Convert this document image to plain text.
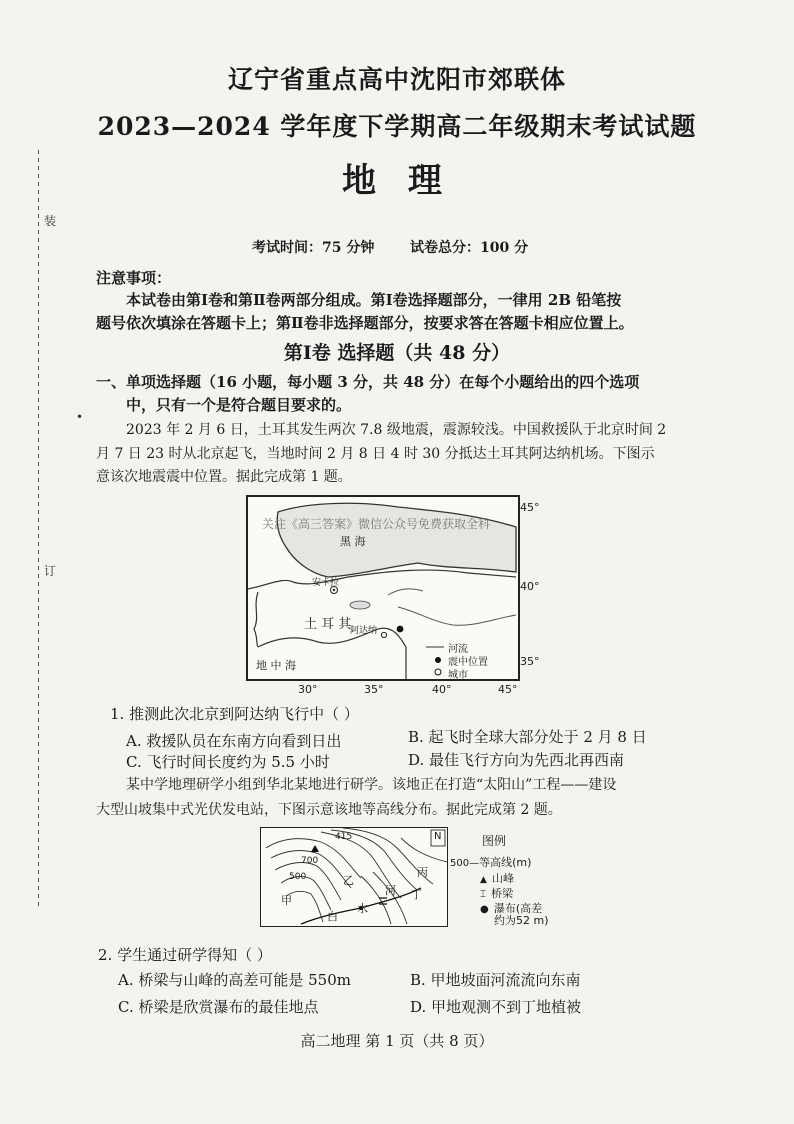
装
•
订
辽宁省重点高中沈阳市郊联体
2023—2024 学年度下学期高二年级期末考试试题
地 理
考试时间：75 分钟	试卷总分：100 分
注意事项：
本试卷由第Ⅰ卷和第Ⅱ卷两部分组成。第Ⅰ卷选择题部分，一律用 2B 铅笔按
题号依次填涂在答题卡上；第Ⅱ卷非选择题部分，按要求答在答题卡相应位置上。
第Ⅰ卷 选择题（共 48 分）
一、单项选择题（16 小题，每小题 3 分，共 48 分）在每个小题给出的四个选项
中，只有一个是符合题目要求的。
2023 年 2 月 6 日，土耳其发生两次 7.8 级地震，震源较浅。中国救援队于北京时间 2
月 7 日 23 时从北京起飞，当地时间 2 月 8 日 4 时 30 分抵达土耳其阿达纳机场。下图示
意该次地震震中位置。据此完成第 1 题。
关注《高三答案》微信公众号免费获取全科
黑 海
地 中 海
土 耳 其
安卡拉
阿达纳
河流
震中位置
城市
45°
40°
35°
30°	35°	40°	45°
1. 推测此次北京到阿达纳飞行中（ ）
A. 救援队员在东南方向看到日出	B. 起飞时全球大部分处于 2 月 8 日
C. 飞行时间长度约为 5.5 小时	D. 最佳飞行方向为先西北再西南
某中学地理研学小组到华北某地进行研学。该地正在打造“太阳山”工程——建设
大型山坡集中式光伏发电站，下图示意该地等高线分布。据此完成第 2 题。
N
415
700
500	丙
甲
乙
丁
白
水
河
图例
500—等高线(m)
▲ 山峰
⌶ 桥梁
● 瀑布(高差
约为52 m)
2. 学生通过研学得知（ ）
A. 桥梁与山峰的高差可能是 550m	B. 甲地坡面河流流向东南
C. 桥梁是欣赏瀑布的最佳地点	D. 甲地观测不到丁地植被
高二地理 第 1 页（共 8 页）
